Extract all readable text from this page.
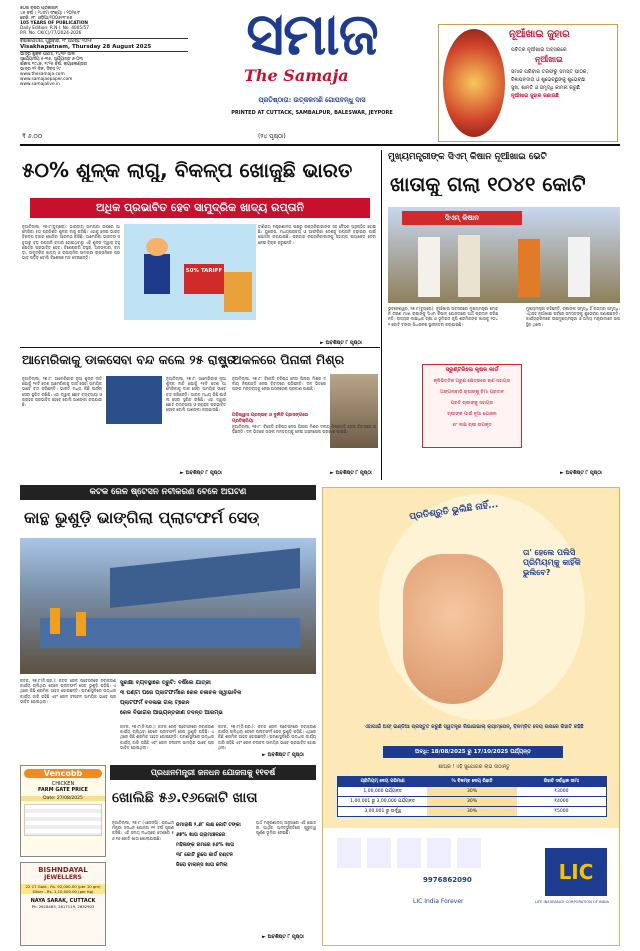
୭୦ଶ ବର୍ଷର ପ୍ରକାଶନ
୪୫ ବର୍ଷ । ୨୪ତମ ସଂଖ୍ୟା । ୨୦୨୫/୮
ରେଜି. ନଂ. ଓଡ଼ିଆ/୨୦୦୬/୧୮୫୬
105 YEARS OF PUBLICATION
Daily Edition: R.N.I. No. 4005/57
P.R. No. CK(C)/77/2024-2026
ବିଶାଖାପାଟଣା, ଗୁରୁବାର, ୨୮ ଅଗଷ୍ଟ ୨୦୨୫
Visakhapatnam, Thursday 28 August 2025
ଭାଦ୍ର ଶୁକ୍ଳ ପଞ୍ଚମୀ, ୧୪୩୨ ସାଲ
ସୂର୍ଯ୍ୟୋଦୟ ୫-୩୫, ସୂର୍ଯ୍ୟାସ୍ତ ୬-୦୩
ଶକାବ୍ଦ ୧୯୪୭, ୧୯୨୫ ବର୍ଷ, କ୍ୟାଲେଣ୍ଡର
ଭାଦ୍ର ୧୨ ଦିନ, ଦିବସ ୨୯
www.thesamaja.com
www.samajaepaper.com
www.samajalive.in
₹ ୬.୦୦	(୨୪ ପୃଷ୍ଠା)
ସମାଜ
The Samaja
ପ୍ରତିଷ୍ଠାତା: ଉତ୍କଳମଣି ଗୋପବନ୍ଧୁ ଦାସ
PRINTED AT CUTTACK, SAMBALPUR, BALESWAR, JEYPORE
ନୂଆଁଖାଇ ଜୁହାର
ପବିତ୍ର ନୂଆଁଖାଇ ଅବସରରେ
ନୂଆଁଖାଇ
ସମାଜ ପରିବାର ତରଫରୁ ସମସ୍ତ ପାଠକ,
ବିଜ୍ଞାପନଦାତା ଓ ଶୁଭେଚ୍ଛୁଙ୍କୁ ଶୁଭେଚ୍ଛା
ସୁଖ, ଶାନ୍ତି ଓ ସମୃଦ୍ଧି କାମନା କରୁଛି
ନୂଆଁଖାଇ ଜୁହାର ଜଣାଉଛି
୫୦% ଶୁଳ୍କ ଲାଗୁ, ବିକଳ୍ପ ଖୋଜୁଛି ଭାରତ
ଅଧିକ ପ୍ରଭାବିତ ହେବ ସାମୁଦ୍ରିକ ଖାଦ୍ୟ ରପ୍ତାନି
ନୂଆଦିଲ୍ଲୀ, ୨୭।୮(ବ୍ୟୁରୋ): ଭାରତୀୟ ସାମଗ୍ରୀ ଉପରେ ଆମେରିକା ୫୦ ପ୍ରତିଶତ ଶୁଳ୍କ ଲାଗୁ କରିଛି। ଏହାକୁ ନେଇ ଭାରତ ବିକଳ୍ପ ବଜାର ଖୋଜିବା ଆରମ୍ଭ କରିଛି। ଆମେରିକା ଭାରତର ସବୁଠାରୁ ବଡ଼ ରପ୍ତାନି ବଜାର ହୋଇଥିବାରୁ ଏହି ଶୁଳ୍କ ଦ୍ୱାରା ବହୁ କ୍ଷେତ୍ର ପ୍ରଭାବିତ ହେବ। ବିଶେଷକରି ବସ୍ତ୍ର, ଅଳଙ୍କାର, ଚମଡ଼ା, ସାମୁଦ୍ରିକ ଖାଦ୍ୟ ଓ ରାସାୟନିକ ସାମଗ୍ରୀ ରପ୍ତାନିରେ ପ୍ରଭାବ ପଡ଼ିବ ବୋଲି ବିଶେଷଜ୍ଞ ମତ ଦେଇଛନ୍ତି।
50% TARIFF
ବାଣିଜ୍ୟ ମନ୍ତ୍ରଣାଳୟ ପକ୍ଷରୁ ରପ୍ତାନିକାରୀଙ୍କ ସହ ବୈଠକ ଅନୁଷ୍ଠିତ ହୋଇଛି। ୟୁରୋପ, ମଧ୍ୟପ୍ରାଚ୍ୟ ଓ ଆଫ୍ରିକା ଦେଶକୁ ରପ୍ତାନି ବଢ଼ାଇବା ପାଇଁ ଯୋଜନା କରାଯାଉଛି। ସରକାର ରପ୍ତାନିକାରୀଙ୍କୁ ସହାୟତା ପ୍ୟାକେଜ ଦେବା ନେଇ ବିଚାର କରୁଛନ୍ତି।
► ଅବଶିଷ୍ଟ ୮ ପୃଷ୍ଠା
ମୁଖ୍ୟମନ୍ତ୍ରୀଙ୍କ ସିଏମ୍ କିଷାନ ନୂଆଁଖାଇ ଭେଟି
ଖାତାକୁ ଗଲା ୧୦୪୧ କୋଟି
ସିଏମ୍ କିଷାନ
ଭୁବନେଶ୍ୱର, ୨୭।୮(ବ୍ୟୁରୋ): ନୂଆଁଖାଇ ଅବସରରେ ମୁଖ୍ୟମନ୍ତ୍ରୀ ମୋହନ ଚରଣ ମାଝୀ ଚାଷୀଙ୍କୁ ସିଏମ୍ କିଷାନ ଯୋଜନାରେ ଅର୍ଥ ପ୍ରଦାନ କରିଛନ୍ତି। ରାଜ୍ୟର ଲକ୍ଷାଧିକ ଚାଷୀ ଓ ଭୂମିହୀନ କୃଷି ଶ୍ରମିକଙ୍କ ଖାତାକୁ ୧୦୪୧ କୋଟି ଟଙ୍କା ସିଧାସଳଖ ସ୍ଥାନାନ୍ତର କରାଯାଇଛି।
ମୁଖ୍ୟମନ୍ତ୍ରୀ କହିଛନ୍ତି, ଚାଷୀଙ୍କ ସମୃଦ୍ଧି ହିଁ ରାଜ୍ୟର ସମୃଦ୍ଧି। ଏଥିସହ ନୂଆଁଖାଇ ପର୍ବରେ ସମସ୍ତଙ୍କୁ ଶୁଭେଚ୍ଛା ଜଣାଇଛନ୍ତି। କାର୍ଯ୍ୟକ୍ରମରେ ଉପମୁଖ୍ୟମନ୍ତ୍ରୀ ଓ ଅନ୍ୟ ମନ୍ତ୍ରୀମାନେ ଉପସ୍ଥିତ ଥିଲେ।
ସରୁଣ୍ଟରିଲେ କୃଷକ କାର୍ଡ
କୃଷିଭିତ୍ତିକ ଅରୁଣ କ୍ଷେତ୍ରରେ ଋଣ ସହାୟତା
ଅଙ୍ଗନାବାଡ଼ି ଚାଷୀଙ୍କୁ ବିମା ପ୍ରଦାନ
ପ୍ରତି ଚାଷୀଙ୍କୁ ସହାୟତା
ଚାଷୀଙ୍କ ପାଇଁ ନୂଆ ଯୋଜନା
୫୮ ଲକ୍ଷ ଚାଷୀ ଉପକୃତ
► ଅବଶିଷ୍ଟ ୮ ପୃଷ୍ଠା
ଆମେରିକାକୁ ଡାକସେବା ବନ୍ଦ କଲେ ୨୫ ରାଷ୍ଟ୍ର
ନୂଆଦିଲ୍ଲୀ, ୨୭।୮: ଆମେରିକାର ନୂଆ ଶୁଳ୍କ ନୀତି ଯୋଗୁଁ ୨୫ଟି ଦେଶ ଆମେରିକାକୁ ଡାକ ସେବା ସାମୟିକ ଭାବେ ବନ୍ଦ କରିଛନ୍ତି। ଭାରତ ମଧ୍ୟ କିଛି ପାର୍ସଲ ସେବା ସ୍ଥଗିତ ରଖିଛି। ଏହା ଦ୍ୱାରା ଛୋଟ ବ୍ୟବସାୟୀ ଓ ଗ୍ରାହକ ପ୍ରଭାବିତ ହେବେ ବୋଲି ଆଶଙ୍କା କରାଯାଉଛି।
ନୂଆଦିଲ୍ଲୀ, ୨୭।୮: ଆମେରିକାର ନୂଆ ଶୁଳ୍କ ନୀତି ଯୋଗୁଁ ୨୫ଟି ଦେଶ ଆମେରିକାକୁ ଡାକ ସେବା ସାମୟିକ ଭାବେ ବନ୍ଦ କରିଛନ୍ତି। ଭାରତ ମଧ୍ୟ କିଛି ପାର୍ସଲ ସେବା ସ୍ଥଗିତ ରଖିଛି। ଏହା ଦ୍ୱାରା ଛୋଟ ବ୍ୟବସାୟୀ ଓ ଗ୍ରାହକ ପ୍ରଭାବିତ ହେବେ ବୋଲି ଆଶଙ୍କା କରାଯାଉଛି।
► ଅବଶିଷ୍ଟ ୮ ପୃଷ୍ଠା
ଅକଳରେ ପିନାକୀ ମିଶ୍ର
ନୂଆଦିଲ୍ଲୀ, ୨୭।୮: ବିଜେଡି ବରିଷ୍ଠ ନେତା ପିନାକୀ ମିଶ୍ର ଦଳୀୟ ନିଷ୍ପତ୍ତି ନେଇ ବିବାଦରେ ପଡ଼ିଛନ୍ତି। ଦଳ ଭିତରେ ତାଙ୍କ ମନ୍ତବ୍ୟକୁ ନେଇ ଅସନ୍ତୋଷ ପ୍ରକାଶ ପାଇଛି।
ଅବିଶ୍ୱାସ ପ୍ରସ୍ତାବ ଓ ଦୁର୍ନୀତି ପ୍ରସଙ୍ଗରେ ପ୍ରତିକ୍ରିୟା
ନୂଆଦିଲ୍ଲୀ, ୨୭।୮: ବିଜେଡି ବରିଷ୍ଠ ନେତା ପିନାକୀ ମିଶ୍ର ଦଳୀୟ ନିଷ୍ପତ୍ତି ନେଇ ବିବାଦରେ ପଡ଼ିଛନ୍ତି। ଦଳ ଭିତରେ ତାଙ୍କ ମନ୍ତବ୍ୟକୁ ନେଇ ଅସନ୍ତୋଷ ପ୍ରକାଶ ପାଇଛି।
► ଅବଶିଷ୍ଟ ୮ ପୃଷ୍ଠା
କଟକ ରେଳ ଷ୍ଟେସନ ନବୀକରଣ ବେଳେ ଅଘଟଣ
କାନ୍ଥ ଭୁଶୁଡ଼ି ଭାଙ୍ଗିଲା ପ୍ଲାଟଫର୍ମ ସେଡ୍
କଟକ, ୨୭।୮(ନି.ପ୍ର.): କଟକ ରେଳ ଷ୍ଟେସନରେ ନବୀକରଣ କାର୍ଯ୍ୟ ଚାଲିଥିବା ବେଳେ ପ୍ଲାଟଫର୍ମ ସେଡ୍ ଭୁଶୁଡ଼ି ପଡ଼ିଛି। ଏଥିରେ କିଛି ଶ୍ରମିକ ଆହତ ହୋଇଛନ୍ତି। ଘଟଣାସ୍ଥଳରେ ଉଦ୍ଧାର କାର୍ଯ୍ୟ ଜାରି ରହିଛି ଏବଂ ରେଳ ଚଳାଚଳ ସାମୟିକ ଭାବେ ପ୍ରଭାବିତ ହୋଇଥିଲା।
ସୁରକ୍ଷା ବ୍ୟବସ୍ଥାରେ ତ୍ରୁଟି: ବର୍ଷିଲେ ଯାତ୍ରୀ
୩ ଘଣ୍ଟା ପରେ ପ୍ଲାଟଫର୍ମରେ ରେଳ ଚଳାଚଳ ସ୍ୱାଭାବିକ
ପ୍ଲାଟଫର୍ମ ବଦଳାଇ ଗଲା ଟ୍ରେନ
ରେଳ ବିଭାଗର ଆଭ୍ୟନ୍ତରୀଣ ତଦନ୍ତ ଆରମ୍ଭ
କଟକ, ୨୭।୮(ନି.ପ୍ର.): କଟକ ରେଳ ଷ୍ଟେସନରେ ନବୀକରଣ କାର୍ଯ୍ୟ ଚାଲିଥିବା ବେଳେ ପ୍ଲାଟଫର୍ମ ସେଡ୍ ଭୁଶୁଡ଼ି ପଡ଼ିଛି। ଏଥିରେ କିଛି ଶ୍ରମିକ ଆହତ ହୋଇଛନ୍ତି। ଘଟଣାସ୍ଥଳରେ ଉଦ୍ଧାର କାର୍ଯ୍ୟ ଜାରି ରହିଛି ଏବଂ ରେଳ ଚଳାଚଳ ସାମୟିକ ଭାବେ ପ୍ରଭାବିତ ହୋଇଥିଲା।
କଟକ, ୨୭।୮(ନି.ପ୍ର.): କଟକ ରେଳ ଷ୍ଟେସନରେ ନବୀକରଣ କାର୍ଯ୍ୟ ଚାଲିଥିବା ବେଳେ ପ୍ଲାଟଫର୍ମ ସେଡ୍ ଭୁଶୁଡ଼ି ପଡ଼ିଛି। ଏଥିରେ କିଛି ଶ୍ରମିକ ଆହତ ହୋଇଛନ୍ତି। ଘଟଣାସ୍ଥଳରେ ଉଦ୍ଧାର କାର୍ଯ୍ୟ ଜାରି ରହିଛି ଏବଂ ରେଳ ଚଳାଚଳ ସାମୟିକ ଭାବେ ପ୍ରଭାବିତ ହୋଇଥିଲା।
► ଅବଶିଷ୍ଟ ୮ ପୃଷ୍ଠା
ପ୍ରଧାନମନ୍ତ୍ରୀ ଜନଧନ ଯୋଜନାକୁ ୧୧ବର୍ଷ
ଖୋଲିଛି ୫୬.୧୬କୋଟି ଖାତା
ନୂଆଦିଲ୍ଲୀ, ୨୭।୮ (ଏଜେନ୍ସି): ପ୍ରଧାନମନ୍ତ୍ରୀ ଜନଧନ ଯୋଜନା ୧୧ ବର୍ଷ ପୂରଣ କରିଛି। ଏହି ସମୟ ମଧ୍ୟରେ ଦେଶରେ ୫୬.୧୬ କୋଟି ଖାତା ଖୋଲାଯାଇଛି।
ଜମାରାଶି ୨.୬୮ ଲକ୍ଷ କୋଟି ଟଙ୍କା
୬୭% ଖାତା ଗ୍ରାମାଞ୍ଚଳରେ
ମହିଳାଙ୍କ ନାମରେ ୫୬% ଖାତା
୩୮ କୋଟି ରୁପେ କାର୍ଡ ବଣ୍ଟନ
ଜିରୋ ବାଲାନ୍ସ ଖାତା କମିଲା
ଅର୍ଥ ମନ୍ତ୍ରଣାଳୟ ଅନୁସାରେ ଏହି ଯୋଜନା ଆର୍ଥିକ ଅନ୍ତର୍ଭୁକ୍ତିରେ ଗୁରୁତ୍ୱପୂର୍ଣ୍ଣ ଭୂମିକା ନେଇଛି।
► ଅବଶିଷ୍ଟ ୮ ପୃଷ୍ଠା
Vencobb
CHICKEN
FARM GATE PRICE
Date: 27/08/2025
BISHNDAYAL
JEWELLERS
22 CT Gold - Rs. 92,000.00 (per 10 gm)
Silver - Rs. 1,10,000.00 (per Kg)
NAYA SARAK, CUTTACK
Ph. 2618463, 2617119, 2632903
ପ୍ରତିଶ୍ରୁତି ଭୁଲିଛି ନାହିଁ...
ତା' ହେଲେ ପଲିସି ପ୍ରିମିୟମ୍କୁ କାହିଁକି ଭୁଲିବେ?
ଏହାପାଇଁ ଅଫ୍ ଇଣ୍ଡିଆ ପ୍ରସ୍ତୁତ କରୁଛି ସ୍ୱତନ୍ତ୍ର ରିଭାଇଭାଲ୍ କ୍ୟାମ୍ପେନ୍, ବିଳମ୍ବିତ ଦେୟ ଉପରେ ରିହାତି ରହିଛି
ଅବଧି: 18/08/2025 ରୁ 17/10/2025 ପର୍ଯ୍ୟନ୍ତ
ଶୀଘ୍ର ! ଏହି ସୁଯୋଗର ଲାଭ ଉଠାନ୍ତୁ
ପ୍ରିମିୟମ୍ ଦେୟ ପରିମାଣ	% ବିଳମ୍ବ ଦେୟ ରିହାତି	ରିହାତି ସର୍ବାଧିକ ସୀମା
1,00,000 ପର୍ଯ୍ୟନ୍ତ	30%	₹3000
1,00,001 ରୁ 3,00,000 ପର୍ଯ୍ୟନ୍ତ	30%	₹4000
3,00,001 ରୁ ଊର୍ଦ୍ଧ୍ୱ	30%	₹5000
9976862090
LIC India Forever
LIC
LIFE INSURANCE CORPORATION OF INDIA
